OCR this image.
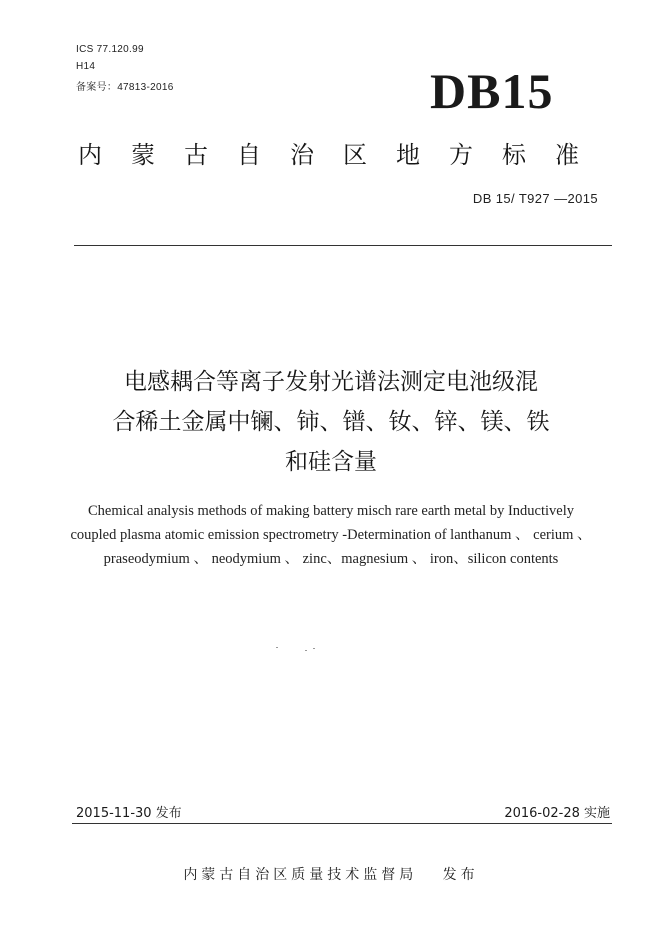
ICS 77.120.99
H14
备案号：47813-2016	DB15
内蒙古自治区地方标准
DB 15/ T927 —2015
电感耦合等离子发射光谱法测定电池级混
合稀土金属中镧、铈、镨、钕、锌、镁、铁
和硅含量
Chemical analysis methods of making battery misch rare earth metal by Inductively
coupled plasma atomic emission spectrometry -Determination of lanthanum 、 cerium 、
praseodymium 、 neodymium 、 zinc、magnesium 、 iron、silicon contents
2015-11-30 发布	2016-02-28 实施
内蒙古自治区质量技术监督局   发布
